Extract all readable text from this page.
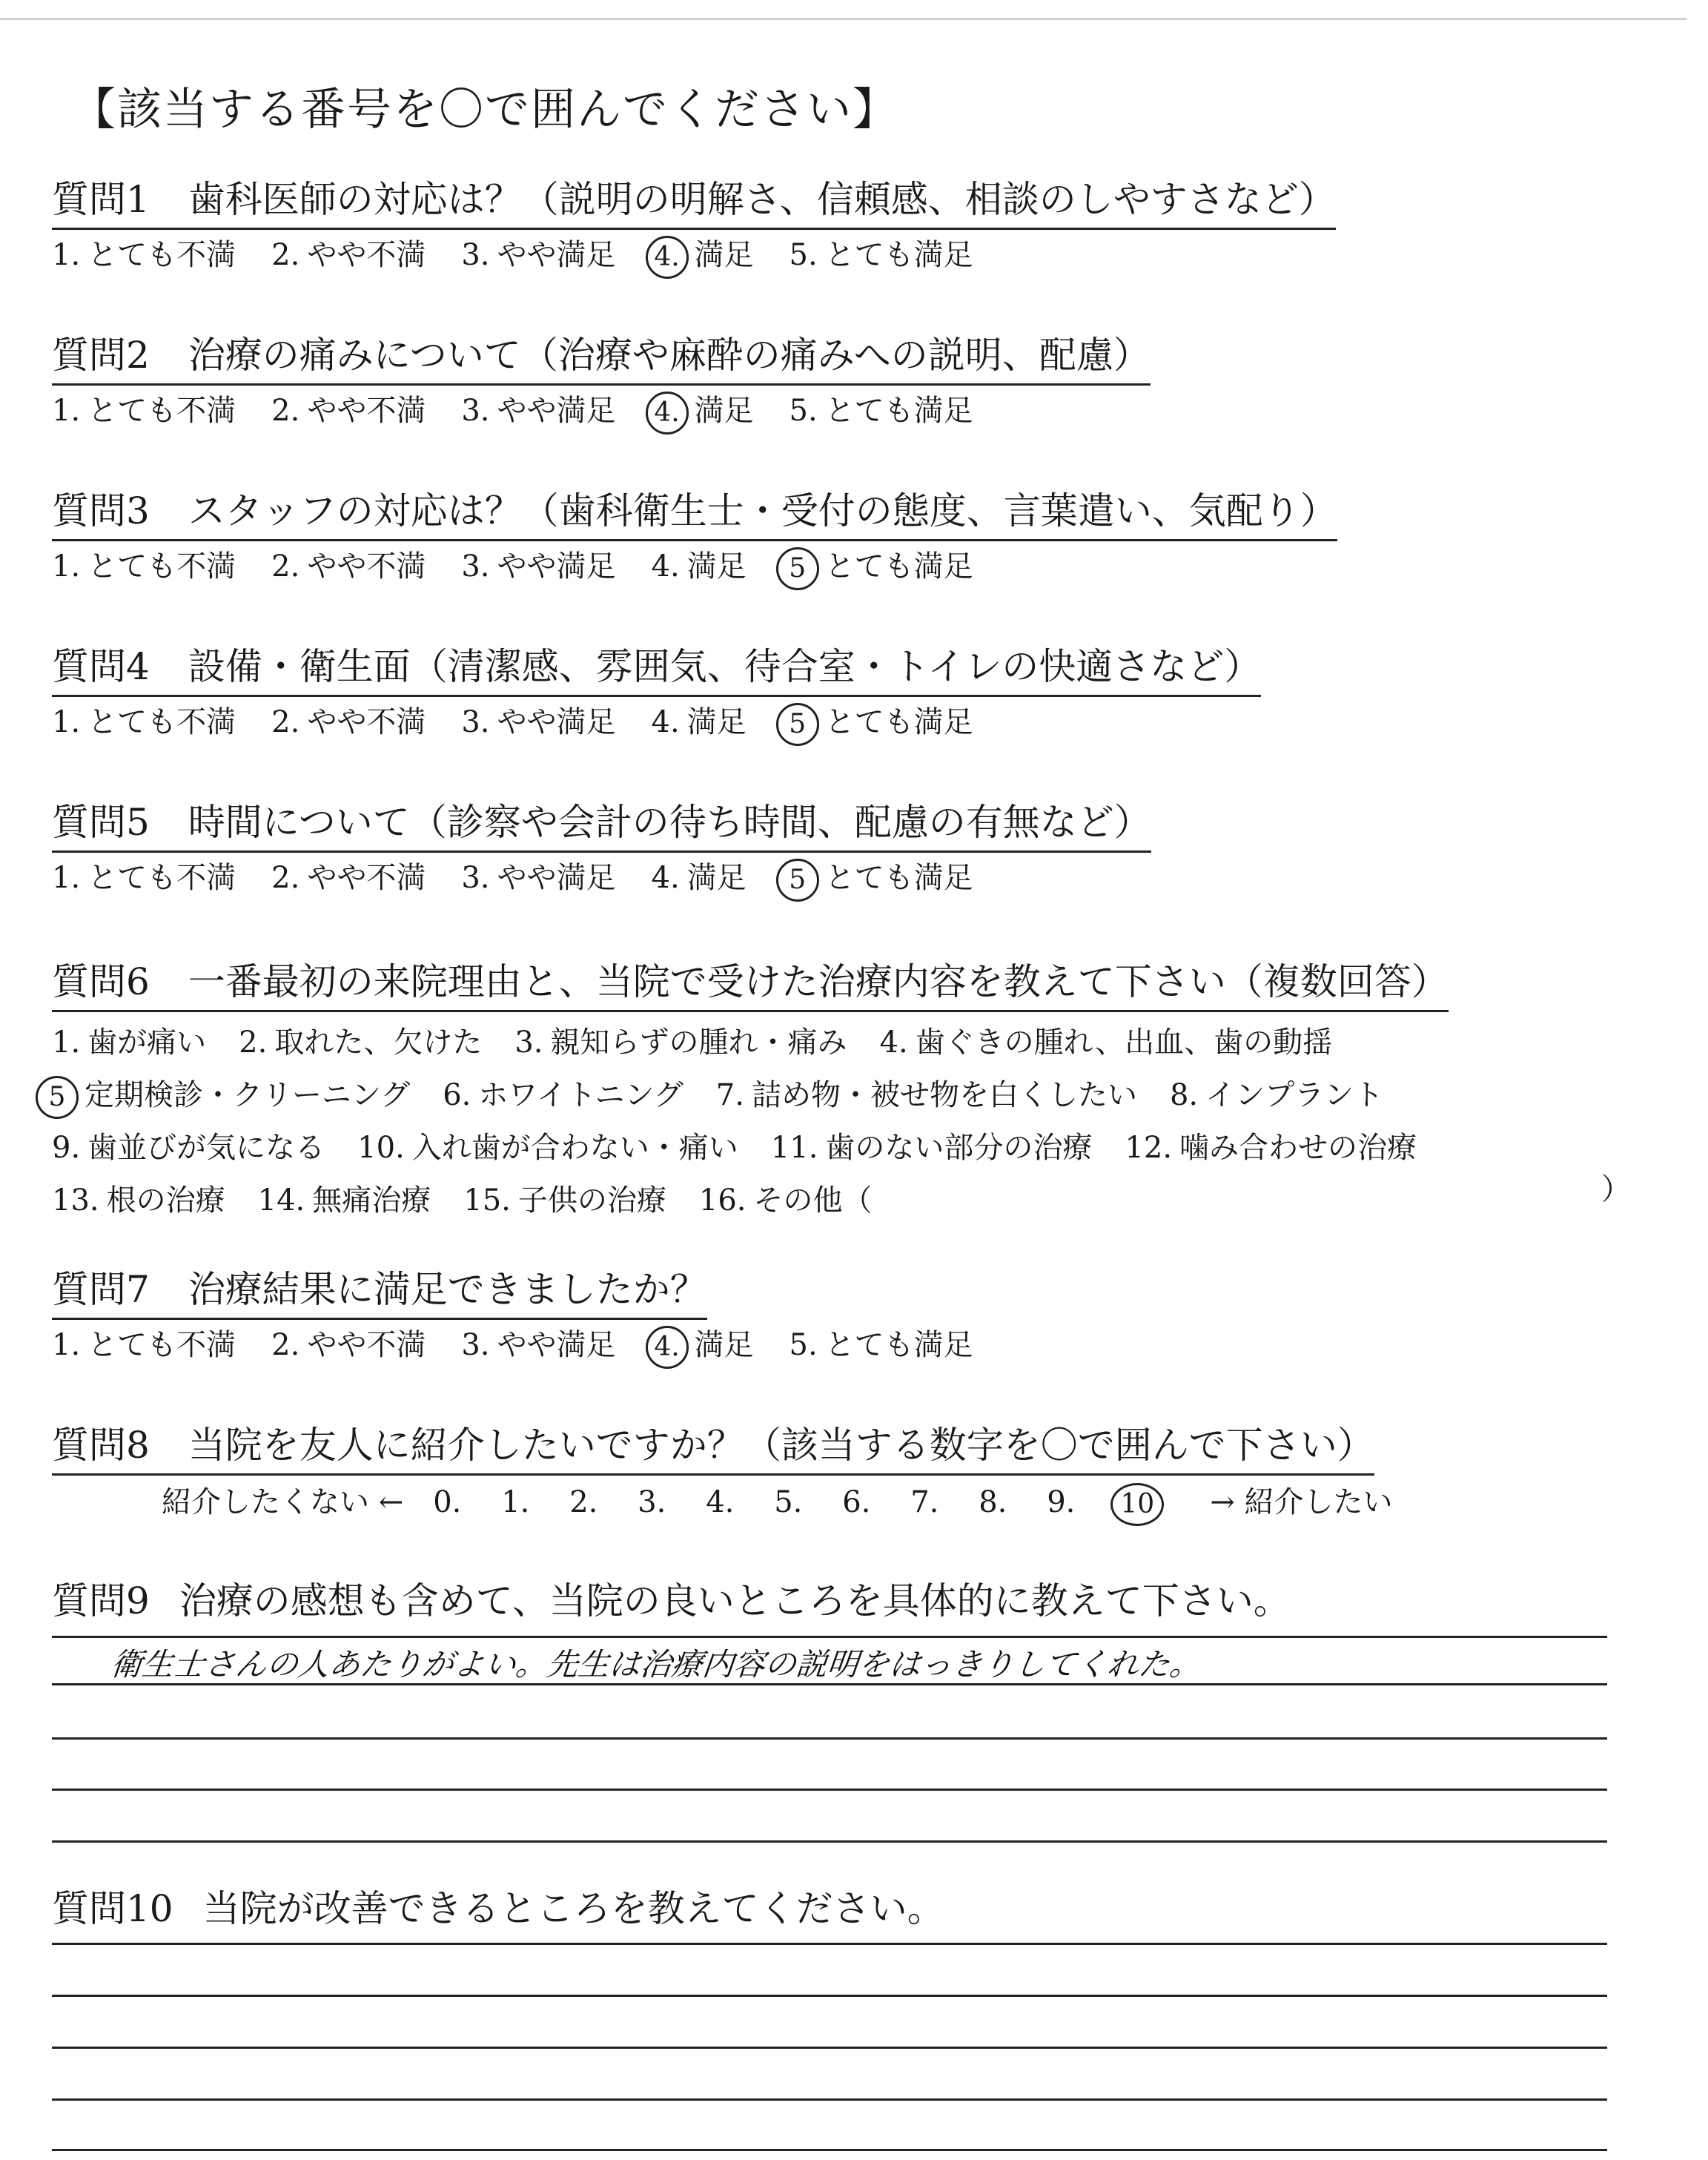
【該当する番号を〇で囲んでください】
質問1 歯科医師の対応は？（説明の明解さ、信頼感、相談のしやすさなど）
1. とても不満 2. やや不満 3. やや満足 4. 満足 5. とても満足
質問2 治療の痛みについて（治療や麻酔の痛みへの説明、配慮）
1. とても不満 2. やや不満 3. やや満足 4. 満足 5. とても満足
質問3 スタッフの対応は？（歯科衛生士・受付の態度、言葉遣い、気配り）
1. とても不満 2. やや不満 3. やや満足 4. 満足 5 とても満足
質問4 設備・衛生面（清潔感、雰囲気、待合室・トイレの快適さなど）
1. とても不満 2. やや不満 3. やや満足 4. 満足 5 とても満足
質問5 時間について（診察や会計の待ち時間、配慮の有無など）
1. とても不満 2. やや不満 3. やや満足 4. 満足 5 とても満足
質問6 一番最初の来院理由と、当院で受けた治療内容を教えて下さい（複数回答）
1. 歯が痛い 2. 取れた、欠けた 3. 親知らずの腫れ・痛み 4. 歯ぐきの腫れ、出血、歯の動揺
5 定期検診・クリーニング 6. ホワイトニング 7. 詰め物・被せ物を白くしたい 8. インプラント
9. 歯並びが気になる 10. 入れ歯が合わない・痛い 11. 歯のない部分の治療 12. 噛み合わせの治療
13. 根の治療 14. 無痛治療 15. 子供の治療 16. その他（	）
質問7 治療結果に満足できましたか？
1. とても不満 2. やや不満 3. やや満足 4. 満足 5. とても満足
質問8 当院を友人に紹介したいですか？（該当する数字を〇で囲んで下さい）
紹介したくない ← 0. 1. 2. 3. 4. 5. 6. 7. 8. 9. 10 → 紹介したい
質問9 治療の感想も含めて、当院の良いところを具体的に教えて下さい。
衛生士さんの人あたりがよい。先生は治療内容の説明をはっきりしてくれた。
質問10 当院が改善できるところを教えてください。
